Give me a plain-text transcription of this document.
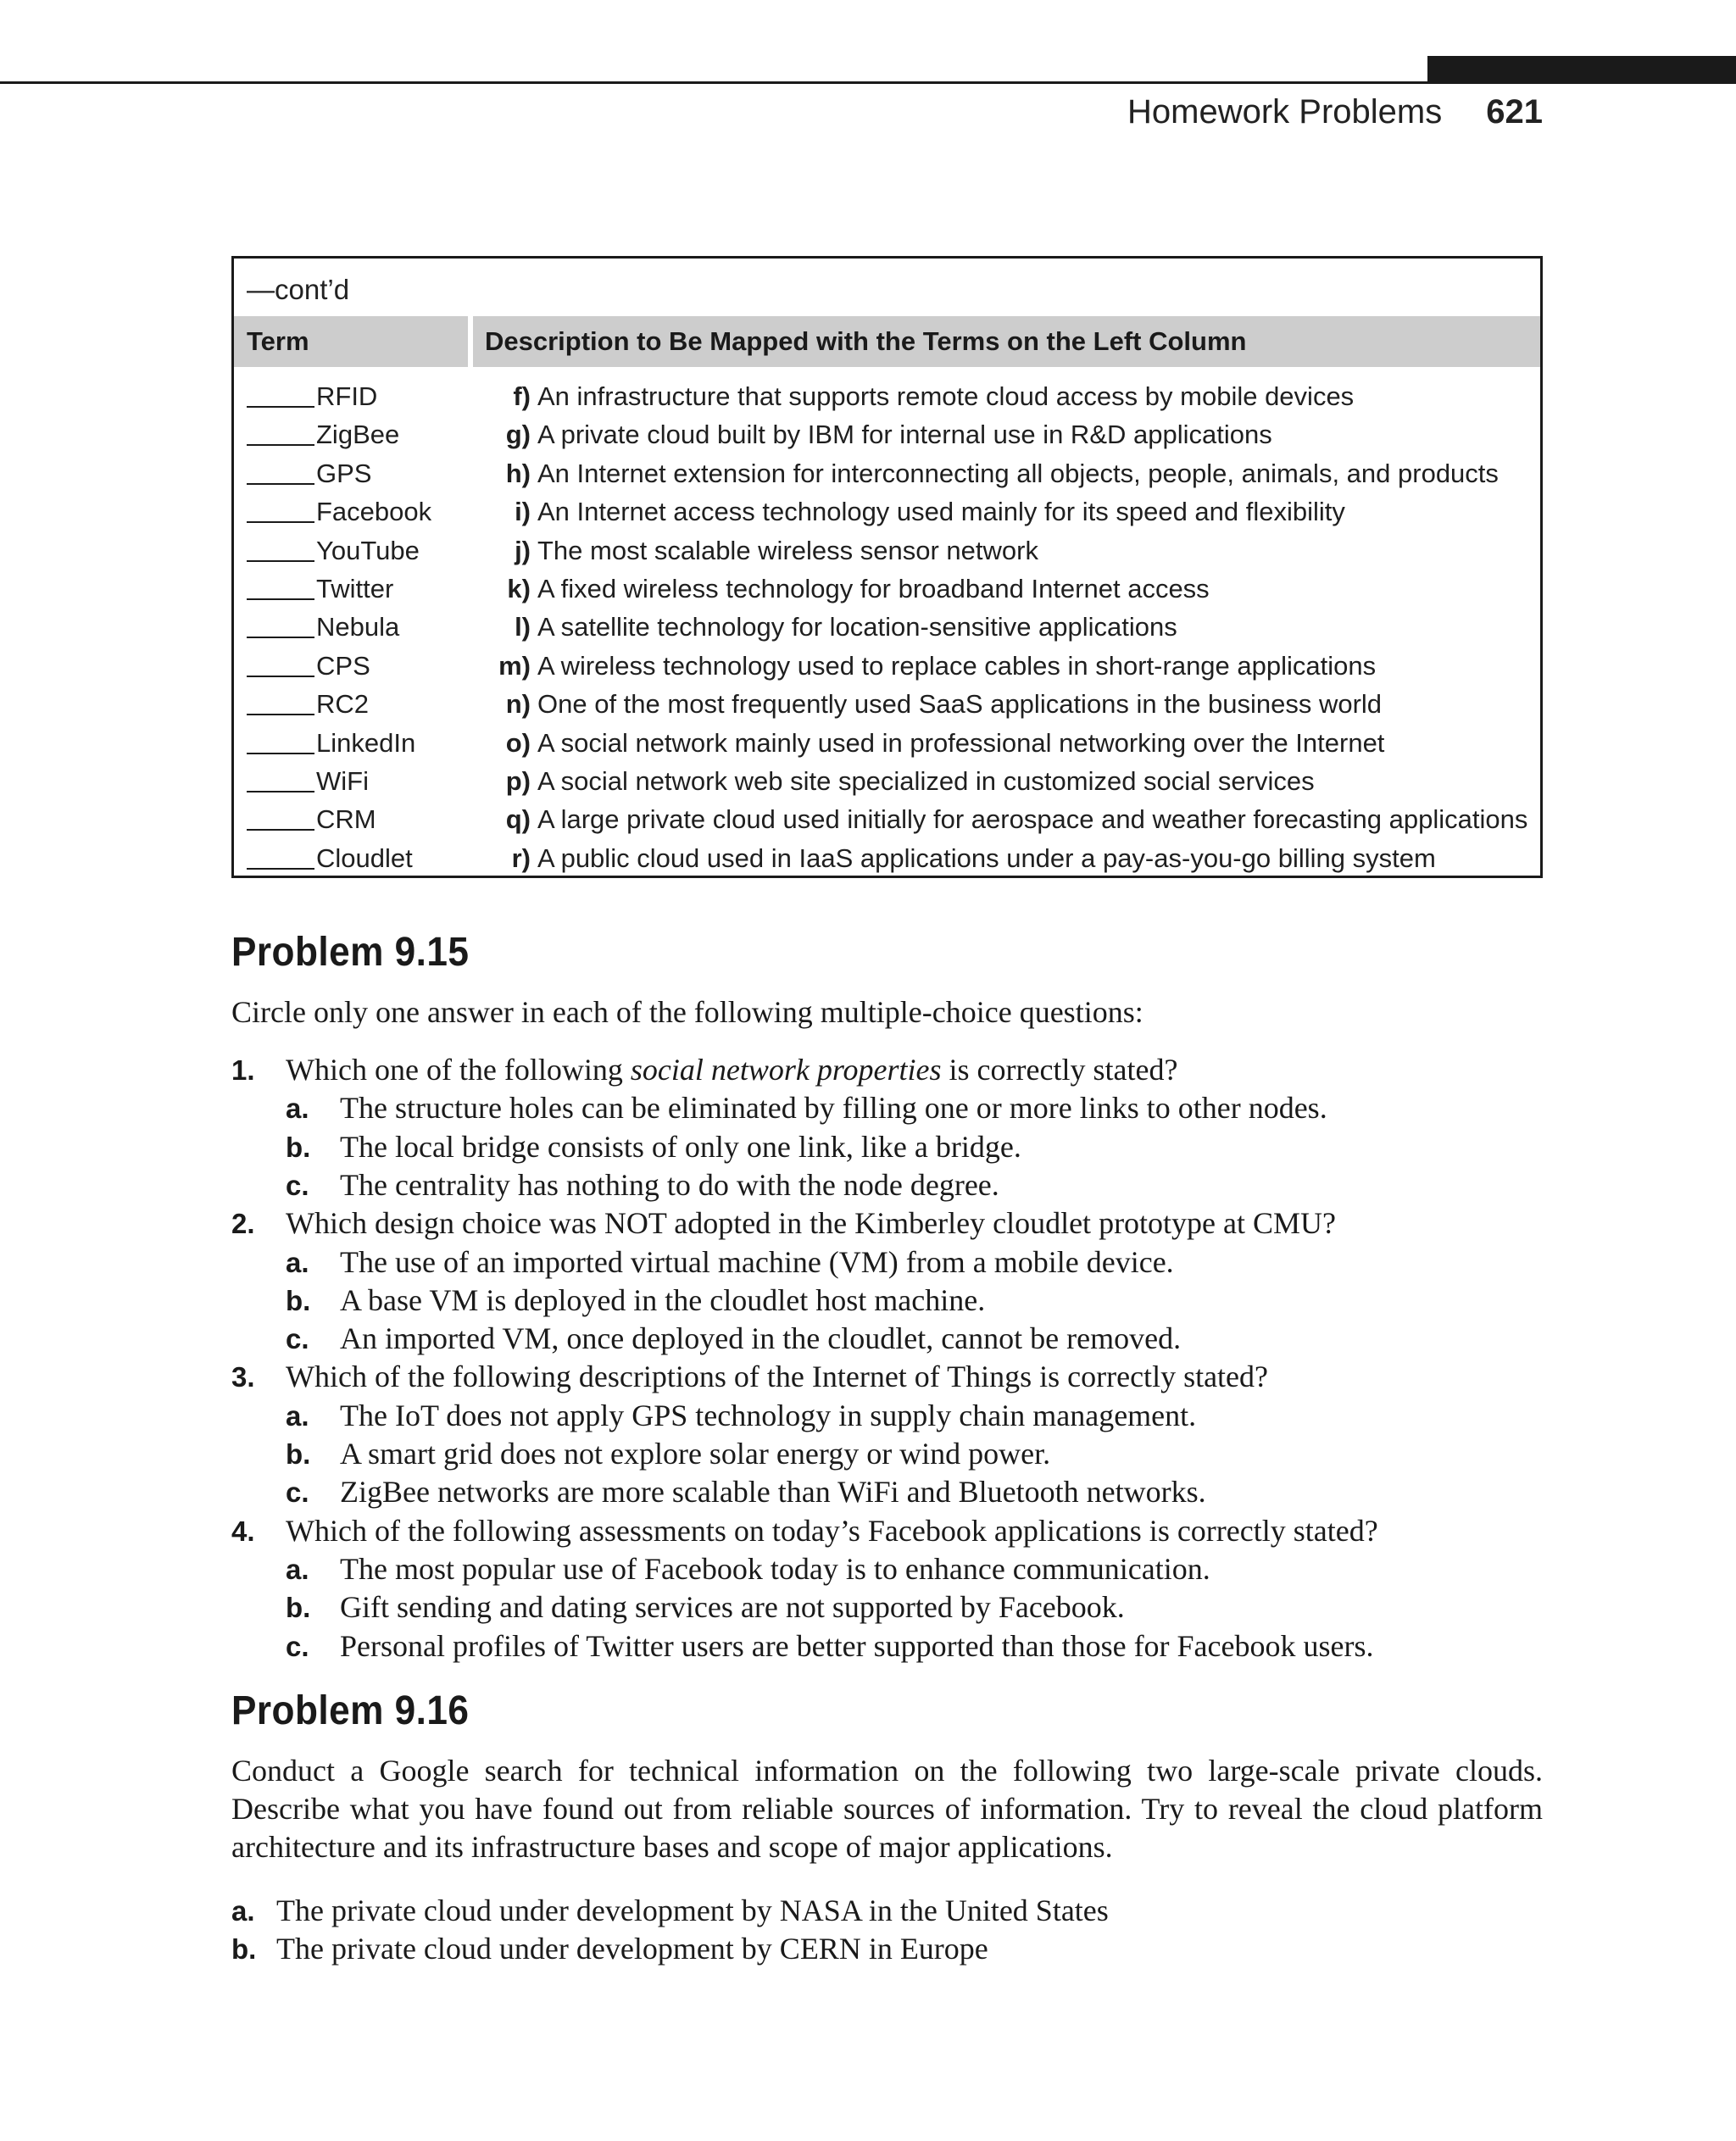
Homework Problems 621
—cont’d
Term	Description to Be Mapped with the Terms on the Left Column
RFID	f) An infrastructure that supports remote cloud access by mobile devices
ZigBee	g) A private cloud built by IBM for internal use in R&D applications
GPS	h) An Internet extension for interconnecting all objects, people, animals, and products
Facebook	i) An Internet access technology used mainly for its speed and flexibility
YouTube	j) The most scalable wireless sensor network
Twitter	k) A fixed wireless technology for broadband Internet access
Nebula	l) A satellite technology for location-sensitive applications
CPS	m) A wireless technology used to replace cables in short-range applications
RC2	n) One of the most frequently used SaaS applications in the business world
LinkedIn	o) A social network mainly used in professional networking over the Internet
WiFi	p) A social network web site specialized in customized social services
CRM	q) A large private cloud used initially for aerospace and weather forecasting applications
Cloudlet	r) A public cloud used in IaaS applications under a pay-as-you-go billing system
Problem 9.15
Circle only one answer in each of the following multiple-choice questions:
1. Which one of the following social network properties is correctly stated?
a. The structure holes can be eliminated by filling one or more links to other nodes.
b. The local bridge consists of only one link, like a bridge.
c. The centrality has nothing to do with the node degree.
2. Which design choice was NOT adopted in the Kimberley cloudlet prototype at CMU?
a. The use of an imported virtual machine (VM) from a mobile device.
b. A base VM is deployed in the cloudlet host machine.
c. An imported VM, once deployed in the cloudlet, cannot be removed.
3. Which of the following descriptions of the Internet of Things is correctly stated?
a. The IoT does not apply GPS technology in supply chain management.
b. A smart grid does not explore solar energy or wind power.
c. ZigBee networks are more scalable than WiFi and Bluetooth networks.
4. Which of the following assessments on today’s Facebook applications is correctly stated?
a. The most popular use of Facebook today is to enhance communication.
b. Gift sending and dating services are not supported by Facebook.
c. Personal profiles of Twitter users are better supported than those for Facebook users.
Problem 9.16
Conduct a Google search for technical information on the following two large-scale private clouds. Describe what you have found out from reliable sources of information. Try to reveal the cloud platform architecture and its infrastructure bases and scope of major applications.
a. The private cloud under development by NASA in the United States
b. The private cloud under development by CERN in Europe
